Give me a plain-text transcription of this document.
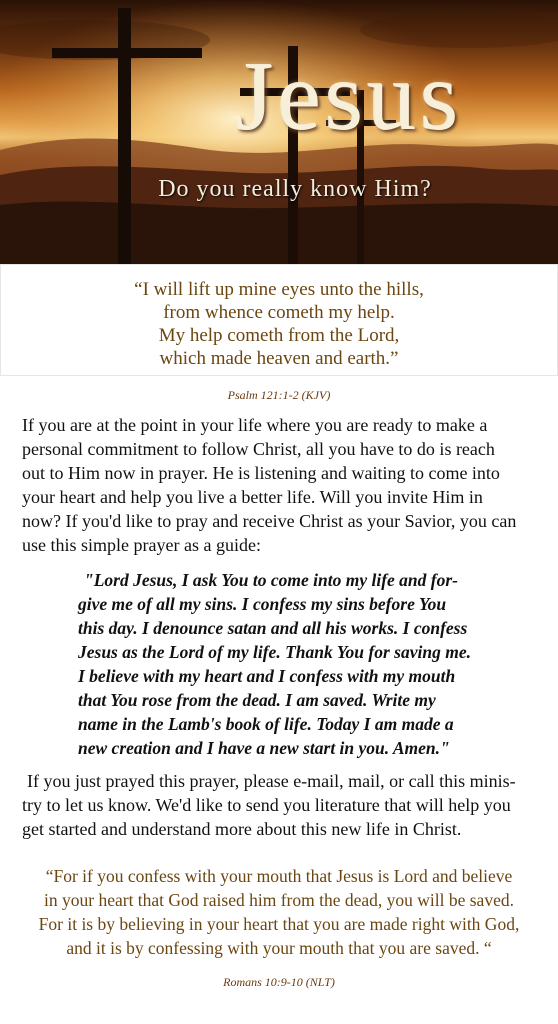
Jesus
Do you really know Him?
“I will lift up mine eyes unto the hills,
from whence cometh my help.
My help cometh from the Lord,
which made heaven and earth.”
Psalm 121:1-2 (KJV)
If you are at the point in your life where you are ready to make a
personal commitment to follow Christ, all you have to do is reach
out to Him now in prayer. He is listening and waiting to come into
your heart and help you live a better life. Will you invite Him in
now? If you'd like to pray and receive Christ as your Savior, you can
use this simple prayer as a guide:
"Lord Jesus, I ask You to come into my life and for-
give me of all my sins. I confess my sins before You
this day. I denounce satan and all his works. I confess
Jesus as the Lord of my life. Thank You for saving me.
I believe with my heart and I confess with my mouth
that You rose from the dead. I am saved. Write my
name in the Lamb's book of life. Today I am made a
new creation and I have a new start in you. Amen."
If you just prayed this prayer, please e-mail, mail, or call this minis-
try to let us know. We'd like to send you literature that will help you
get started and understand more about this new life in Christ.
“For if you confess with your mouth that Jesus is Lord and believe
in your heart that God raised him from the dead, you will be saved.
For it is by believing in your heart that you are made right with God,
and it is by confessing with your mouth that you are saved. “
Romans 10:9-10 (NLT)
